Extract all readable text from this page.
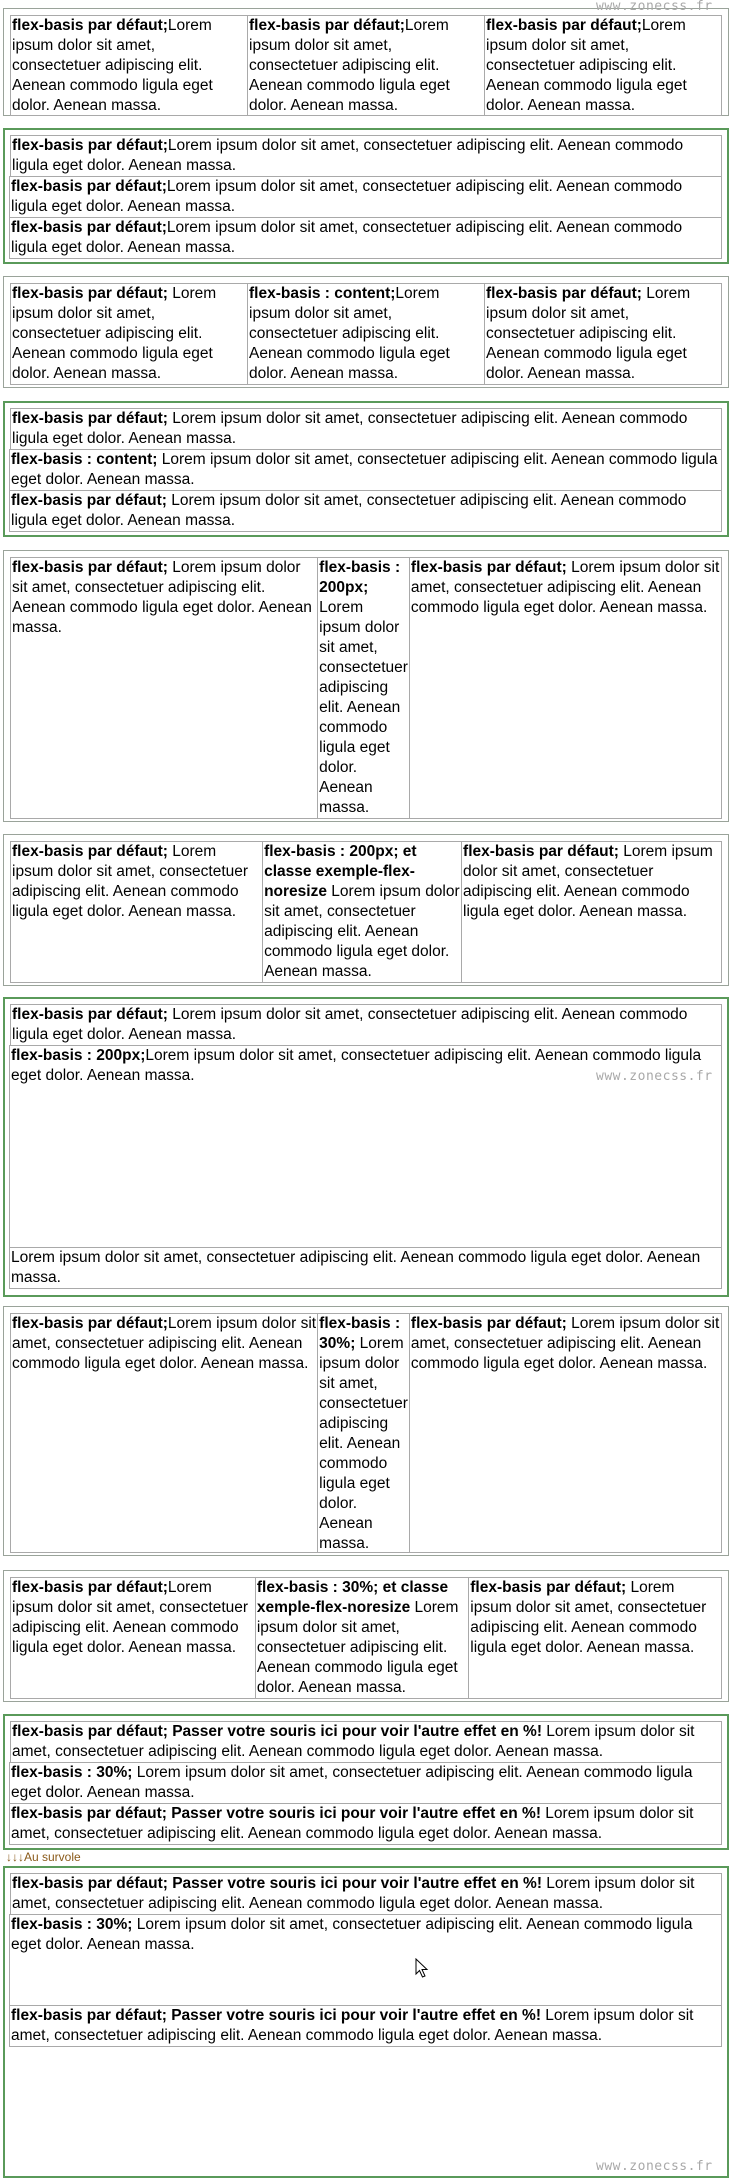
flex-basis par défaut;Lorem ipsum dolor sit amet, consectetuer adipiscing elit. Aenean commodo ligula eget dolor. Aenean massa.
flex-basis par défaut;Lorem ipsum dolor sit amet, consectetuer adipiscing elit. Aenean commodo ligula eget dolor. Aenean massa.
flex-basis par défaut;Lorem ipsum dolor sit amet, consectetuer adipiscing elit. Aenean commodo ligula eget dolor. Aenean massa.
www.zonecss.fr
flex-basis par défaut;Lorem ipsum dolor sit amet, consectetuer adipiscing elit. Aenean commodo ligula eget dolor. Aenean massa.
flex-basis par défaut;Lorem ipsum dolor sit amet, consectetuer adipiscing elit. Aenean commodo ligula eget dolor. Aenean massa.
flex-basis par défaut;Lorem ipsum dolor sit amet, consectetuer adipiscing elit. Aenean commodo ligula eget dolor. Aenean massa.
flex-basis par défaut; Lorem ipsum dolor sit amet, consectetuer adipiscing elit. Aenean commodo ligula eget dolor. Aenean massa.
flex-basis : content;Lorem ipsum dolor sit amet, consectetuer adipiscing elit. Aenean commodo ligula eget dolor. Aenean massa.
flex-basis par défaut; Lorem ipsum dolor sit amet, consectetuer adipiscing elit. Aenean commodo ligula eget dolor. Aenean massa.
flex-basis par défaut; Lorem ipsum dolor sit amet, consectetuer adipiscing elit. Aenean commodo ligula eget dolor. Aenean massa.
flex-basis : content; Lorem ipsum dolor sit amet, consectetuer adipiscing elit. Aenean commodo ligula eget dolor. Aenean massa.
flex-basis par défaut; Lorem ipsum dolor sit amet, consectetuer adipiscing elit. Aenean commodo ligula eget dolor. Aenean massa.
flex-basis par défaut; Lorem ipsum dolor sit amet, consectetuer adipiscing elit. Aenean commodo ligula eget dolor. Aenean massa.
flex-basis : 200px; Lorem ipsum dolor sit amet, consectetuer adipiscing elit. Aenean commodo ligula eget dolor. Aenean massa.
flex-basis par défaut; Lorem ipsum dolor sit amet, consectetuer adipiscing elit. Aenean commodo ligula eget dolor. Aenean massa.
flex-basis par défaut; Lorem ipsum dolor sit amet, consectetuer adipiscing elit. Aenean commodo ligula eget dolor. Aenean massa.
flex-basis : 200px; et classe exemple-flex-noresize Lorem ipsum dolor sit amet, consectetuer adipiscing elit. Aenean commodo ligula eget dolor. Aenean massa.
flex-basis par défaut; Lorem ipsum dolor sit amet, consectetuer adipiscing elit. Aenean commodo ligula eget dolor. Aenean massa.
flex-basis par défaut; Lorem ipsum dolor sit amet, consectetuer adipiscing elit. Aenean commodo ligula eget dolor. Aenean massa.
flex-basis : 200px;Lorem ipsum dolor sit amet, consectetuer adipiscing elit. Aenean commodo ligula eget dolor. Aenean massa.
Lorem ipsum dolor sit amet, consectetuer adipiscing elit. Aenean commodo ligula eget dolor. Aenean massa.
www.zonecss.fr
flex-basis par défaut;Lorem ipsum dolor sit amet, consectetuer adipiscing elit. Aenean commodo ligula eget dolor. Aenean massa.
flex-basis : 30%; Lorem ipsum dolor sit amet, consectetuer adipiscing elit. Aenean commodo ligula eget dolor. Aenean massa.
flex-basis par défaut; Lorem ipsum dolor sit amet, consectetuer adipiscing elit. Aenean commodo ligula eget dolor. Aenean massa.
flex-basis par défaut;Lorem ipsum dolor sit amet, consectetuer adipiscing elit. Aenean commodo ligula eget dolor. Aenean massa.
flex-basis : 30%; et classe xemple-flex-noresize Lorem ipsum dolor sit amet, consectetuer adipiscing elit. Aenean commodo ligula eget dolor. Aenean massa.
flex-basis par défaut; Lorem ipsum dolor sit amet, consectetuer adipiscing elit. Aenean commodo ligula eget dolor. Aenean massa.
flex-basis par défaut; Passer votre souris ici pour voir l'autre effet en %! Lorem ipsum dolor sit amet, consectetuer adipiscing elit. Aenean commodo ligula eget dolor. Aenean massa.
flex-basis : 30%; Lorem ipsum dolor sit amet, consectetuer adipiscing elit. Aenean commodo ligula eget dolor. Aenean massa.
flex-basis par défaut; Passer votre souris ici pour voir l'autre effet en %! Lorem ipsum dolor sit amet, consectetuer adipiscing elit. Aenean commodo ligula eget dolor. Aenean massa.
↓↓↓Au survole
flex-basis par défaut; Passer votre souris ici pour voir l'autre effet en %! Lorem ipsum dolor sit amet, consectetuer adipiscing elit. Aenean commodo ligula eget dolor. Aenean massa.
flex-basis : 30%; Lorem ipsum dolor sit amet, consectetuer adipiscing elit. Aenean commodo ligula eget dolor. Aenean massa.
flex-basis par défaut; Passer votre souris ici pour voir l'autre effet en %! Lorem ipsum dolor sit amet, consectetuer adipiscing elit. Aenean commodo ligula eget dolor. Aenean massa.
www.zonecss.fr
